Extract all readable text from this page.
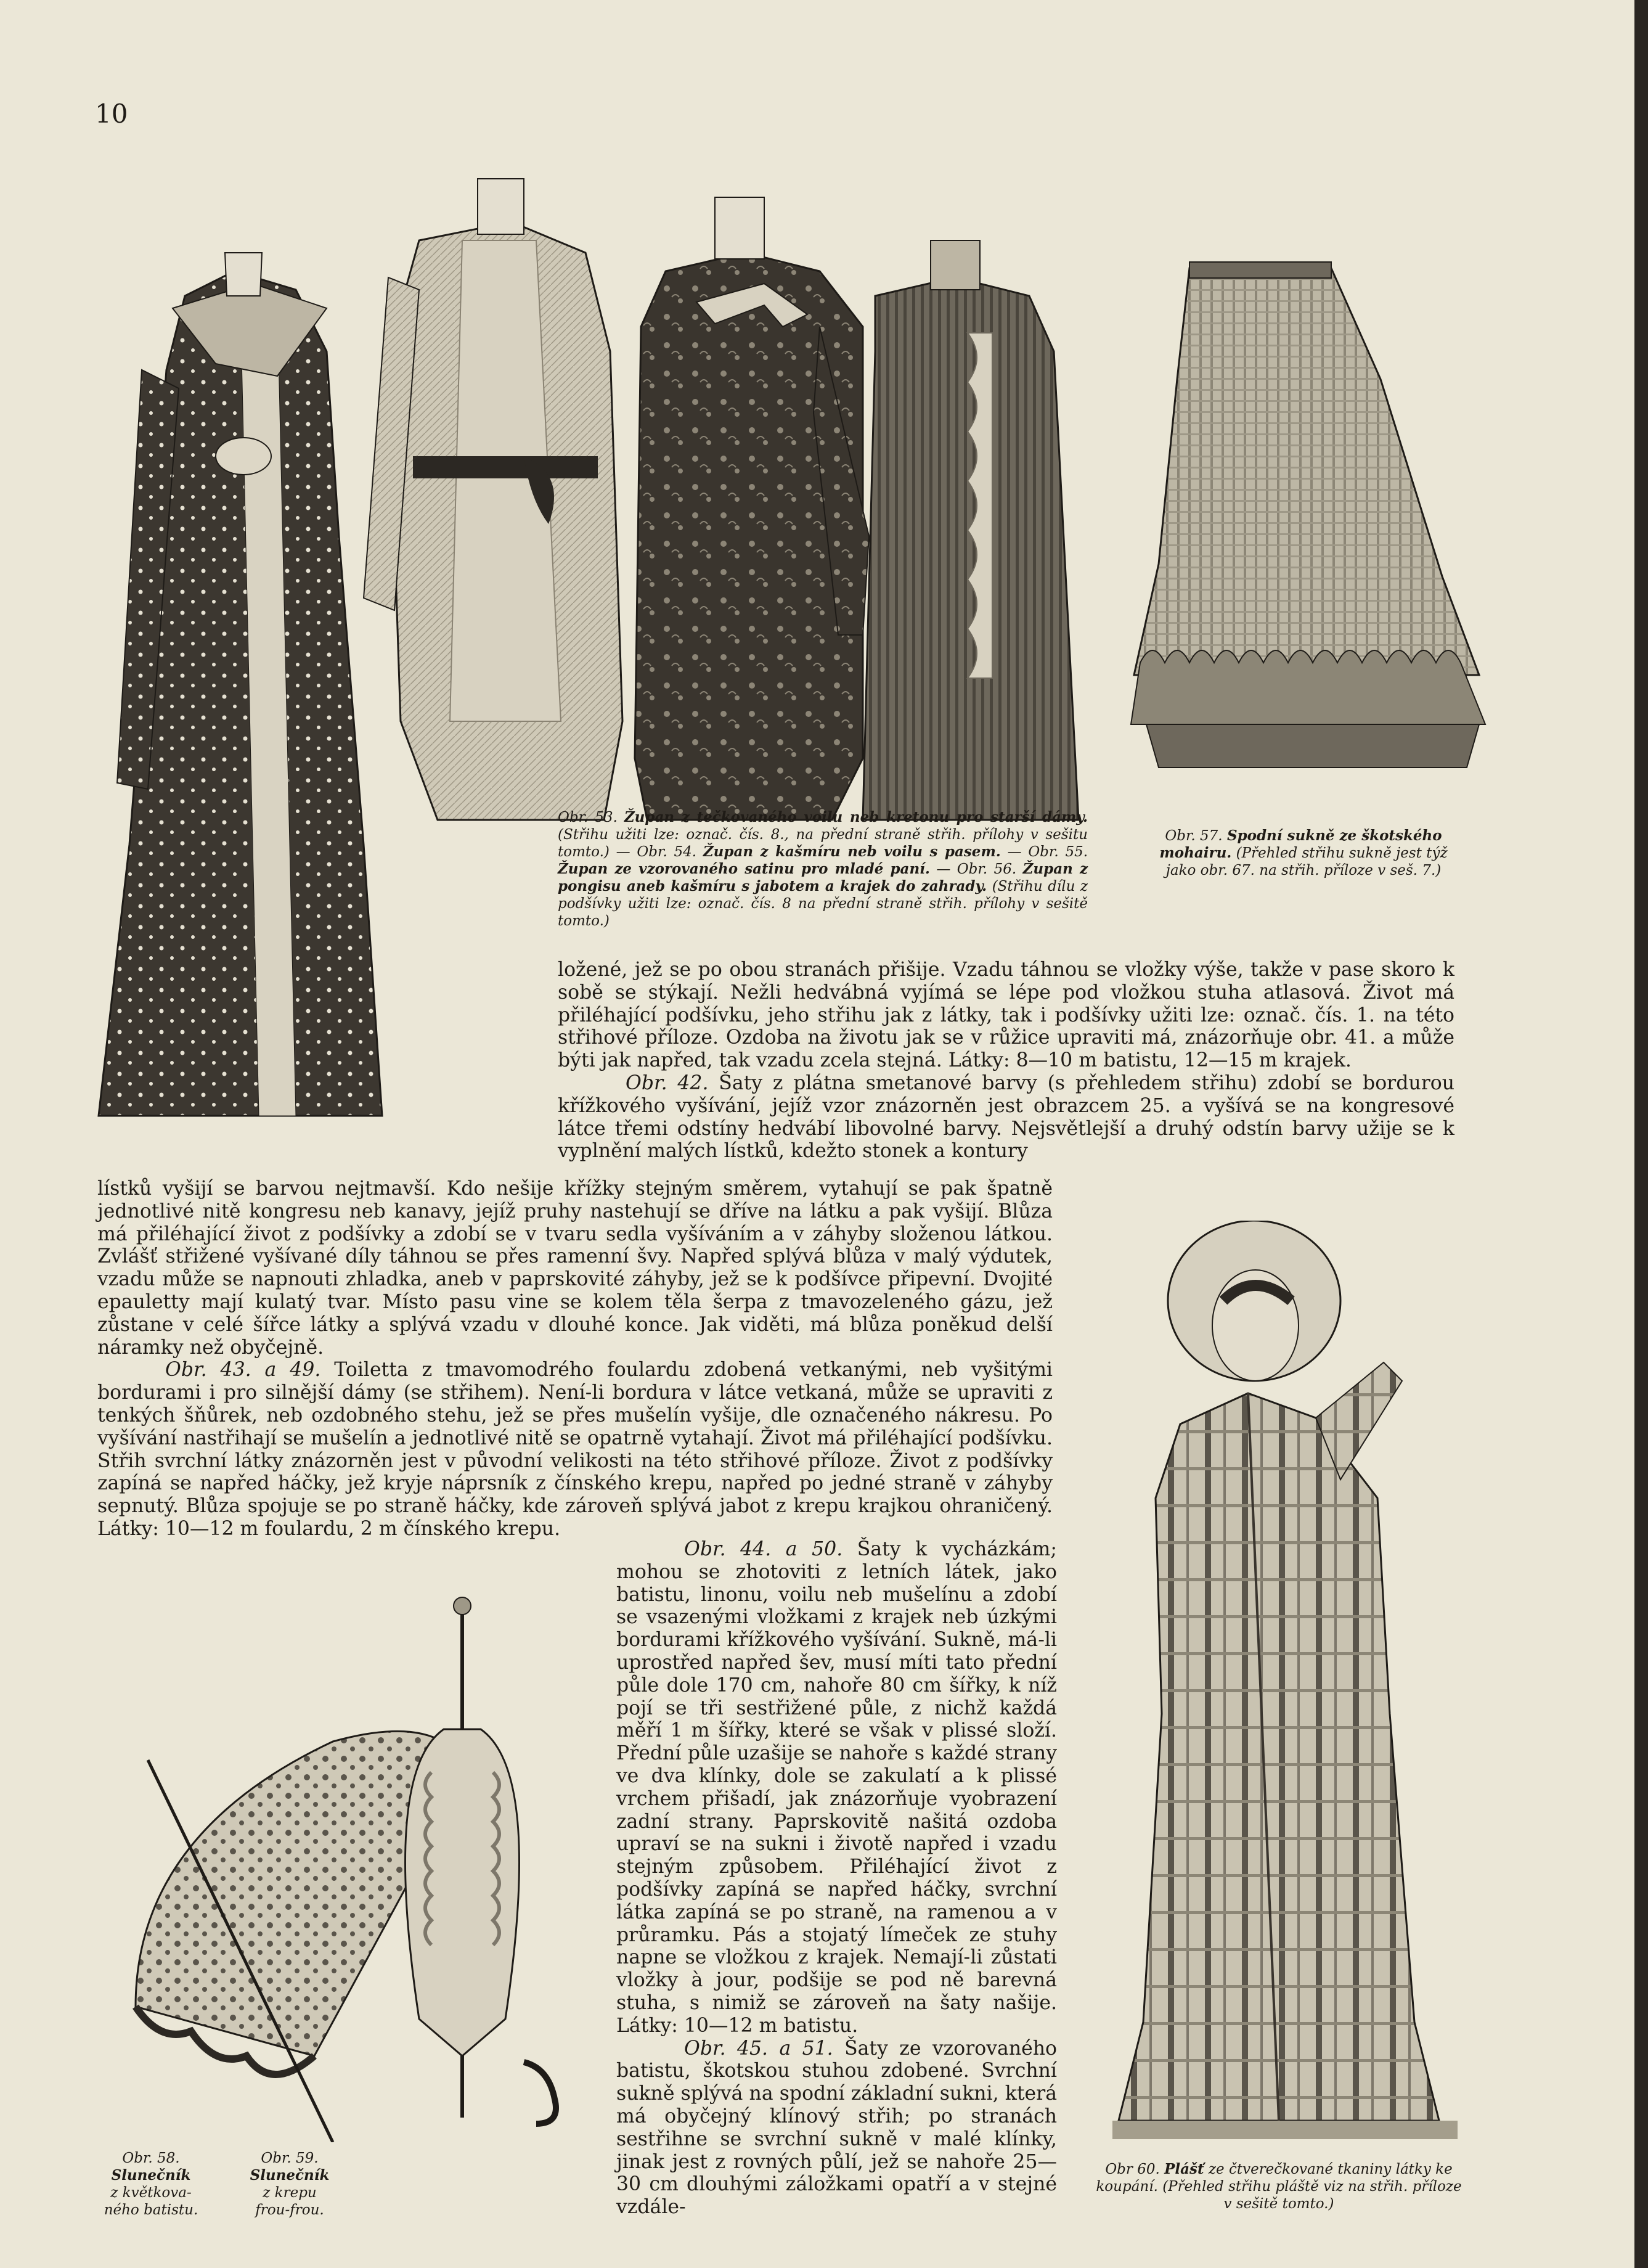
10
Obr. 53. Župan z tečkovaného voilu neb kretonu pro starší dámy. (Střihu užiti lze: označ. čís. 8., na přední straně střih. přílohy v sešitu tomto.) — Obr. 54. Župan z kašmíru neb voilu s pasem. — Obr. 55. Župan ze vzorovaného satinu pro mladé paní. — Obr. 56. Župan z pongisu aneb kašmíru s jabotem a krajek do zahrady. (Střihu dílu z podšívky užiti lze: označ. čís. 8 na přední straně střih. přílohy v sešitě tomto.)
Obr. 57. Spodní sukně ze škotského mohairu. (Přehled střihu sukně jest týž jako obr. 67. na střih. příloze v seš. 7.)

ložené, jež se po obou stranách přišije. Vzadu táhnou se vložky výše, takže v pase skoro k sobě se stýkají. Nežli hedvábná vyjímá se lépe pod vložkou stuha atlasová. Život má přiléhající podšívku, jeho střihu jak z látky, tak i podšívky užiti lze: označ. čís. 1. na této střihové příloze. Ozdoba na životu jak se v růžice upraviti má, znázorňuje obr. 41. a může býti jak napřed, tak vzadu zcela stejná. Látky: 8—10 m batistu, 12—15 m krajek.

Obr. 42. Šaty z plátna smetanové barvy (s přehledem střihu) zdobí se bordurou křížkového vyšívání, jejíž vzor znázorněn jest obrazcem 25. a vyšívá se na kongresové látce třemi odstíny hedvábí libovolné barvy. Nejsvětlejší a druhý odstín barvy užije se k vyplnění malých lístků, kdežto stonek a kontury

lístků vyšijí se barvou nejtmavší. Kdo nešije křížky stejným směrem, vytahují se pak špatně jednotlivé nitě kongresu neb kanavy, jejíž pruhy nastehují se dříve na látku a pak vyšijí. Blůza má přiléhající život z podšívky a zdobí se v tvaru sedla vyšíváním a v záhyby složenou látkou. Zvlášť střižené vyšívané díly táhnou se přes ramenní švy. Napřed splývá blůza v malý výdutek, vzadu může se napnouti zhladka, aneb v paprskovité záhyby, jež se k podšívce připevní. Dvojité epauletty mají kulatý tvar. Místo pasu vine se kolem těla šerpa z tmavozeleného gázu, jež zůstane v celé šířce látky a splývá vzadu v dlouhé konce. Jak viděti, má blůza poněkud delší náramky než obyčejně.

Obr. 43. a 49. Toiletta z tmavomodrého foulardu zdobená vetkanými, neb vyšitými bordurami i pro silnější dámy (se střihem). Není-li bordura v látce vetkaná, může se upraviti z tenkých šňůrek, neb ozdobného stehu, jež se přes mušelín vyšije, dle označeného nákresu. Po vyšívání nastřihají se mušelín a jednotlivé nitě se opatrně vytahají. Život má přiléhající podšívku. Střih svrchní látky znázorněn jest v původní velikosti na této střihové příloze. Život z podšívky zapíná se napřed háčky, jež kryje náprsník z čínského krepu, napřed po jedné straně v záhyby sepnutý. Blůza spojuje se po straně háčky, kde zároveň splývá jabot z krepu krajkou ohraničený. Látky: 10—12 m foulardu, 2 m čínského krepu.

Obr 60. Plášť ze čtverečkované tkaniny látky ke koupání. (Přehled střihu pláště viz na střih. příloze v sešitě tomto.)
Obr. 58.
Slunečník
z květkova-ného batistu.
Obr. 59.
Slunečník
z krepu frou-frou.

Obr. 44. a 50. Šaty k vycházkám; mohou se zhotoviti z letních látek, jako batistu, linonu, voilu neb mušelínu a zdobí se vsazenými vložkami z krajek neb úzkými bordurami křížkového vyšívání. Sukně, má-li uprostřed napřed šev, musí míti tato přední půle dole 170 cm, nahoře 80 cm šířky, k níž pojí se tři sestřižené půle, z nichž každá měří 1 m šířky, které se však v plissé složí. Přední půle uzašije se nahoře s každé strany ve dva klínky, dole se zakulatí a k plissé vrchem přišadí, jak znázorňuje vyobrazení zadní strany. Paprskovitě našitá ozdoba upraví se na sukni i životě napřed i vzadu stejným způsobem. Přiléhající život z podšívky zapíná se napřed háčky, svrchní látka zapíná se po straně, na ramenou a v průramku. Pás a stojatý límeček ze stuhy napne se vložkou z krajek. Nemají-li zůstati vložky à jour, podšije se pod ně barevná stuha, s nimiž se zároveň na šaty našije. Látky: 10—12 m batistu.

Obr. 45. a 51. Šaty ze vzorovaného batistu, škotskou stuhou zdobené. Svrchní sukně splývá na spodní základní sukni, která má obyčejný klínový střih; po stranách sestřihne se svrchní sukně v malé klínky, jinak jest z rovných půlí, jež se nahoře 25—30 cm dlouhými záložkami opatří a v stejné vzdále-
